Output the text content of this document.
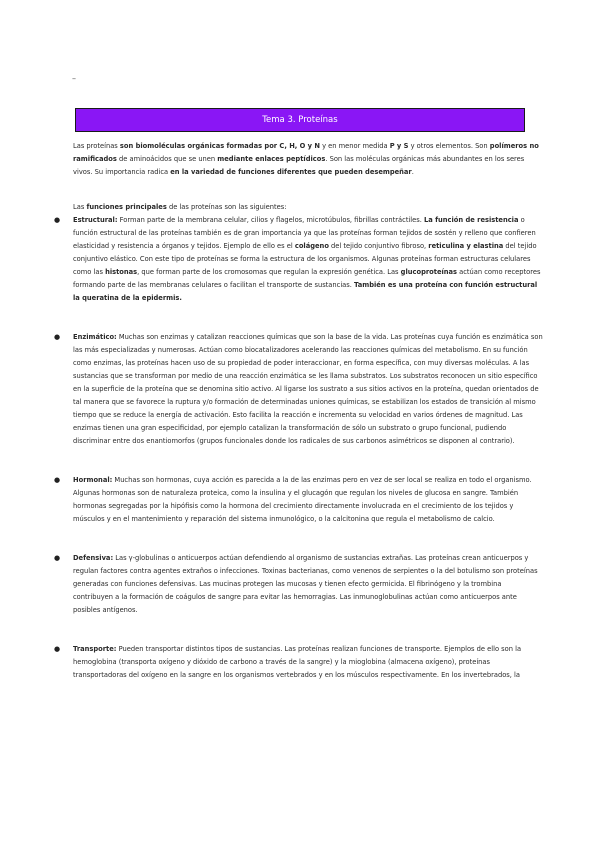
–
Tema 3. Proteínas

Las proteínas son biomoléculas orgánicas formadas por C, H, O y N y en menor medida P y S y otros elementos. Son polímeros no ramificados de aminoácidos que se unen mediante enlaces peptídicos. Son las moléculas orgánicas más abundantes en los seres vivos. Su importancia radica en la variedad de funciones diferentes que pueden desempeñar.

Las funciones principales de las proteínas son las siguientes:

● Estructural: Forman parte de la membrana celular, cilios y flagelos, microtúbulos, fibrillas contráctiles. La función de resistencia o función estructural de las proteínas también es de gran importancia ya que las proteínas forman tejidos de sostén y relleno que confieren elasticidad y resistencia a órganos y tejidos. Ejemplo de ello es el colágeno del tejido conjuntivo fibroso, reticulina y elastina del tejido conjuntivo elástico. Con este tipo de proteínas se forma la estructura de los organismos. Algunas proteínas forman estructuras celulares como las histonas, que forman parte de los cromosomas que regulan la expresión genética. Las glucoproteínas actúan como receptores formando parte de las membranas celulares o facilitan el transporte de sustancias. También es una proteína con función estructural la queratina de la epidermis.
● Enzimático: Muchas son enzimas y catalizan reacciones químicas que son la base de la vida. Las proteínas cuya función es enzimática son las más especializadas y numerosas. Actúan como biocatalizadores acelerando las reacciones químicas del metabolismo. En su función como enzimas, las proteínas hacen uso de su propiedad de poder interaccionar, en forma específica, con muy diversas moléculas. A las sustancias que se transforman por medio de una reacción enzimática se les llama substratos. Los substratos reconocen un sitio específico en la superficie de la proteína que se denomina sitio activo. Al ligarse los sustrato a sus sitios activos en la proteína, quedan orientados de tal manera que se favorece la ruptura y/o formación de determinadas uniones químicas, se estabilizan los estados de transición al mismo tiempo que se reduce la energía de activación. Esto facilita la reacción e incrementa su velocidad en varios órdenes de magnitud. Las enzimas tienen una gran especificidad, por ejemplo catalizan la transformación de sólo un substrato o grupo funcional, pudiendo discriminar entre dos enantiomorfos (grupos funcionales donde los radicales de sus carbonos asimétricos se disponen al contrario).
● Hormonal: Muchas son hormonas, cuya acción es parecida a la de las enzimas pero en vez de ser local se realiza en todo el organismo. Algunas hormonas son de naturaleza proteica, como la insulina y el glucagón que regulan los niveles de glucosa en sangre. También hormonas segregadas por la hipófisis como la hormona del crecimiento directamente involucrada en el crecimiento de los tejidos y músculos y en el mantenimiento y reparación del sistema inmunológico, o la calcitonina que regula el metabolismo de calcio.
● Defensiva: Las γ-globulinas o anticuerpos actúan defendiendo al organismo de sustancias extrañas. Las proteínas crean anticuerpos y regulan factores contra agentes extraños o infecciones. Toxinas bacterianas, como venenos de serpientes o la del botulismo son proteínas generadas con funciones defensivas. Las mucinas protegen las mucosas y tienen efecto germicida. El fibrinógeno y la trombina contribuyen a la formación de coágulos de sangre para evitar las hemorragias. Las inmunoglobulinas actúan como anticuerpos ante posibles antígenos.
● Transporte: Pueden transportar distintos tipos de sustancias. Las proteínas realizan funciones de transporte. Ejemplos de ello son la hemoglobina (transporta oxígeno y dióxido de carbono a través de la sangre) y la mioglobina (almacena oxígeno), proteínas transportadoras del oxígeno en la sangre en los organismos vertebrados y en los músculos respectivamente. En los invertebrados, la
